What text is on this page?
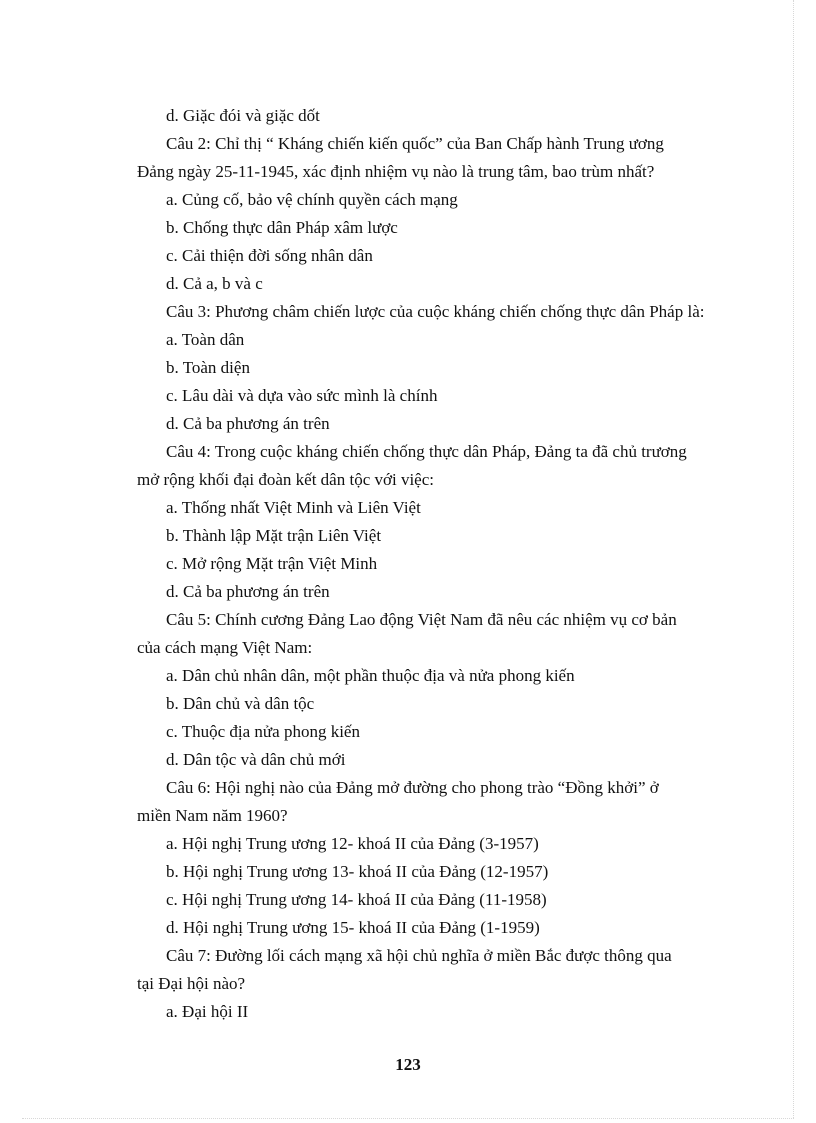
d. Giặc đói và giặc dốt
Câu 2: Chỉ thị “ Kháng chiến kiến quốc” của Ban Chấp hành Trung ương
Đảng ngày 25-11-1945, xác định nhiệm vụ nào là trung tâm, bao trùm nhất?
a. Củng cố, bảo vệ chính quyền cách mạng
b. Chống thực dân Pháp xâm lược
c. Cải thiện đời sống nhân dân
d. Cả a, b và c
Câu 3: Phương châm chiến lược của cuộc kháng chiến chống thực dân Pháp là:
a. Toàn dân
b. Toàn diện
c. Lâu dài và dựa vào sức mình là chính
d. Cả ba phương án trên
Câu 4: Trong cuộc kháng chiến chống thực dân Pháp, Đảng ta đã chủ trương
mở rộng khối đại đoàn kết dân tộc với việc:
a. Thống nhất Việt Minh và Liên Việt
b. Thành lập Mặt trận Liên Việt
c. Mở rộng Mặt trận Việt Minh
d. Cả ba phương án trên
Câu 5: Chính cương Đảng Lao động Việt Nam đã nêu các nhiệm vụ cơ bản
của cách mạng Việt Nam:
a. Dân chủ nhân dân, một phần thuộc địa và nửa phong kiến
b. Dân chủ và dân tộc
c. Thuộc địa nửa phong kiến
d. Dân tộc và dân chủ mới
Câu 6: Hội nghị nào của Đảng mở đường cho phong trào “Đồng khởi” ở
miền Nam năm 1960?
a. Hội nghị Trung ương 12- khoá II của Đảng (3-1957)
b. Hội nghị Trung ương 13- khoá II của Đảng (12-1957)
c. Hội nghị Trung ương 14- khoá II của Đảng (11-1958)
d. Hội nghị Trung ương 15- khoá II của Đảng (1-1959)
Câu 7: Đường lối cách mạng xã hội chủ nghĩa ở miền Bắc được thông qua
tại Đại hội nào?
a. Đại hội II
123
